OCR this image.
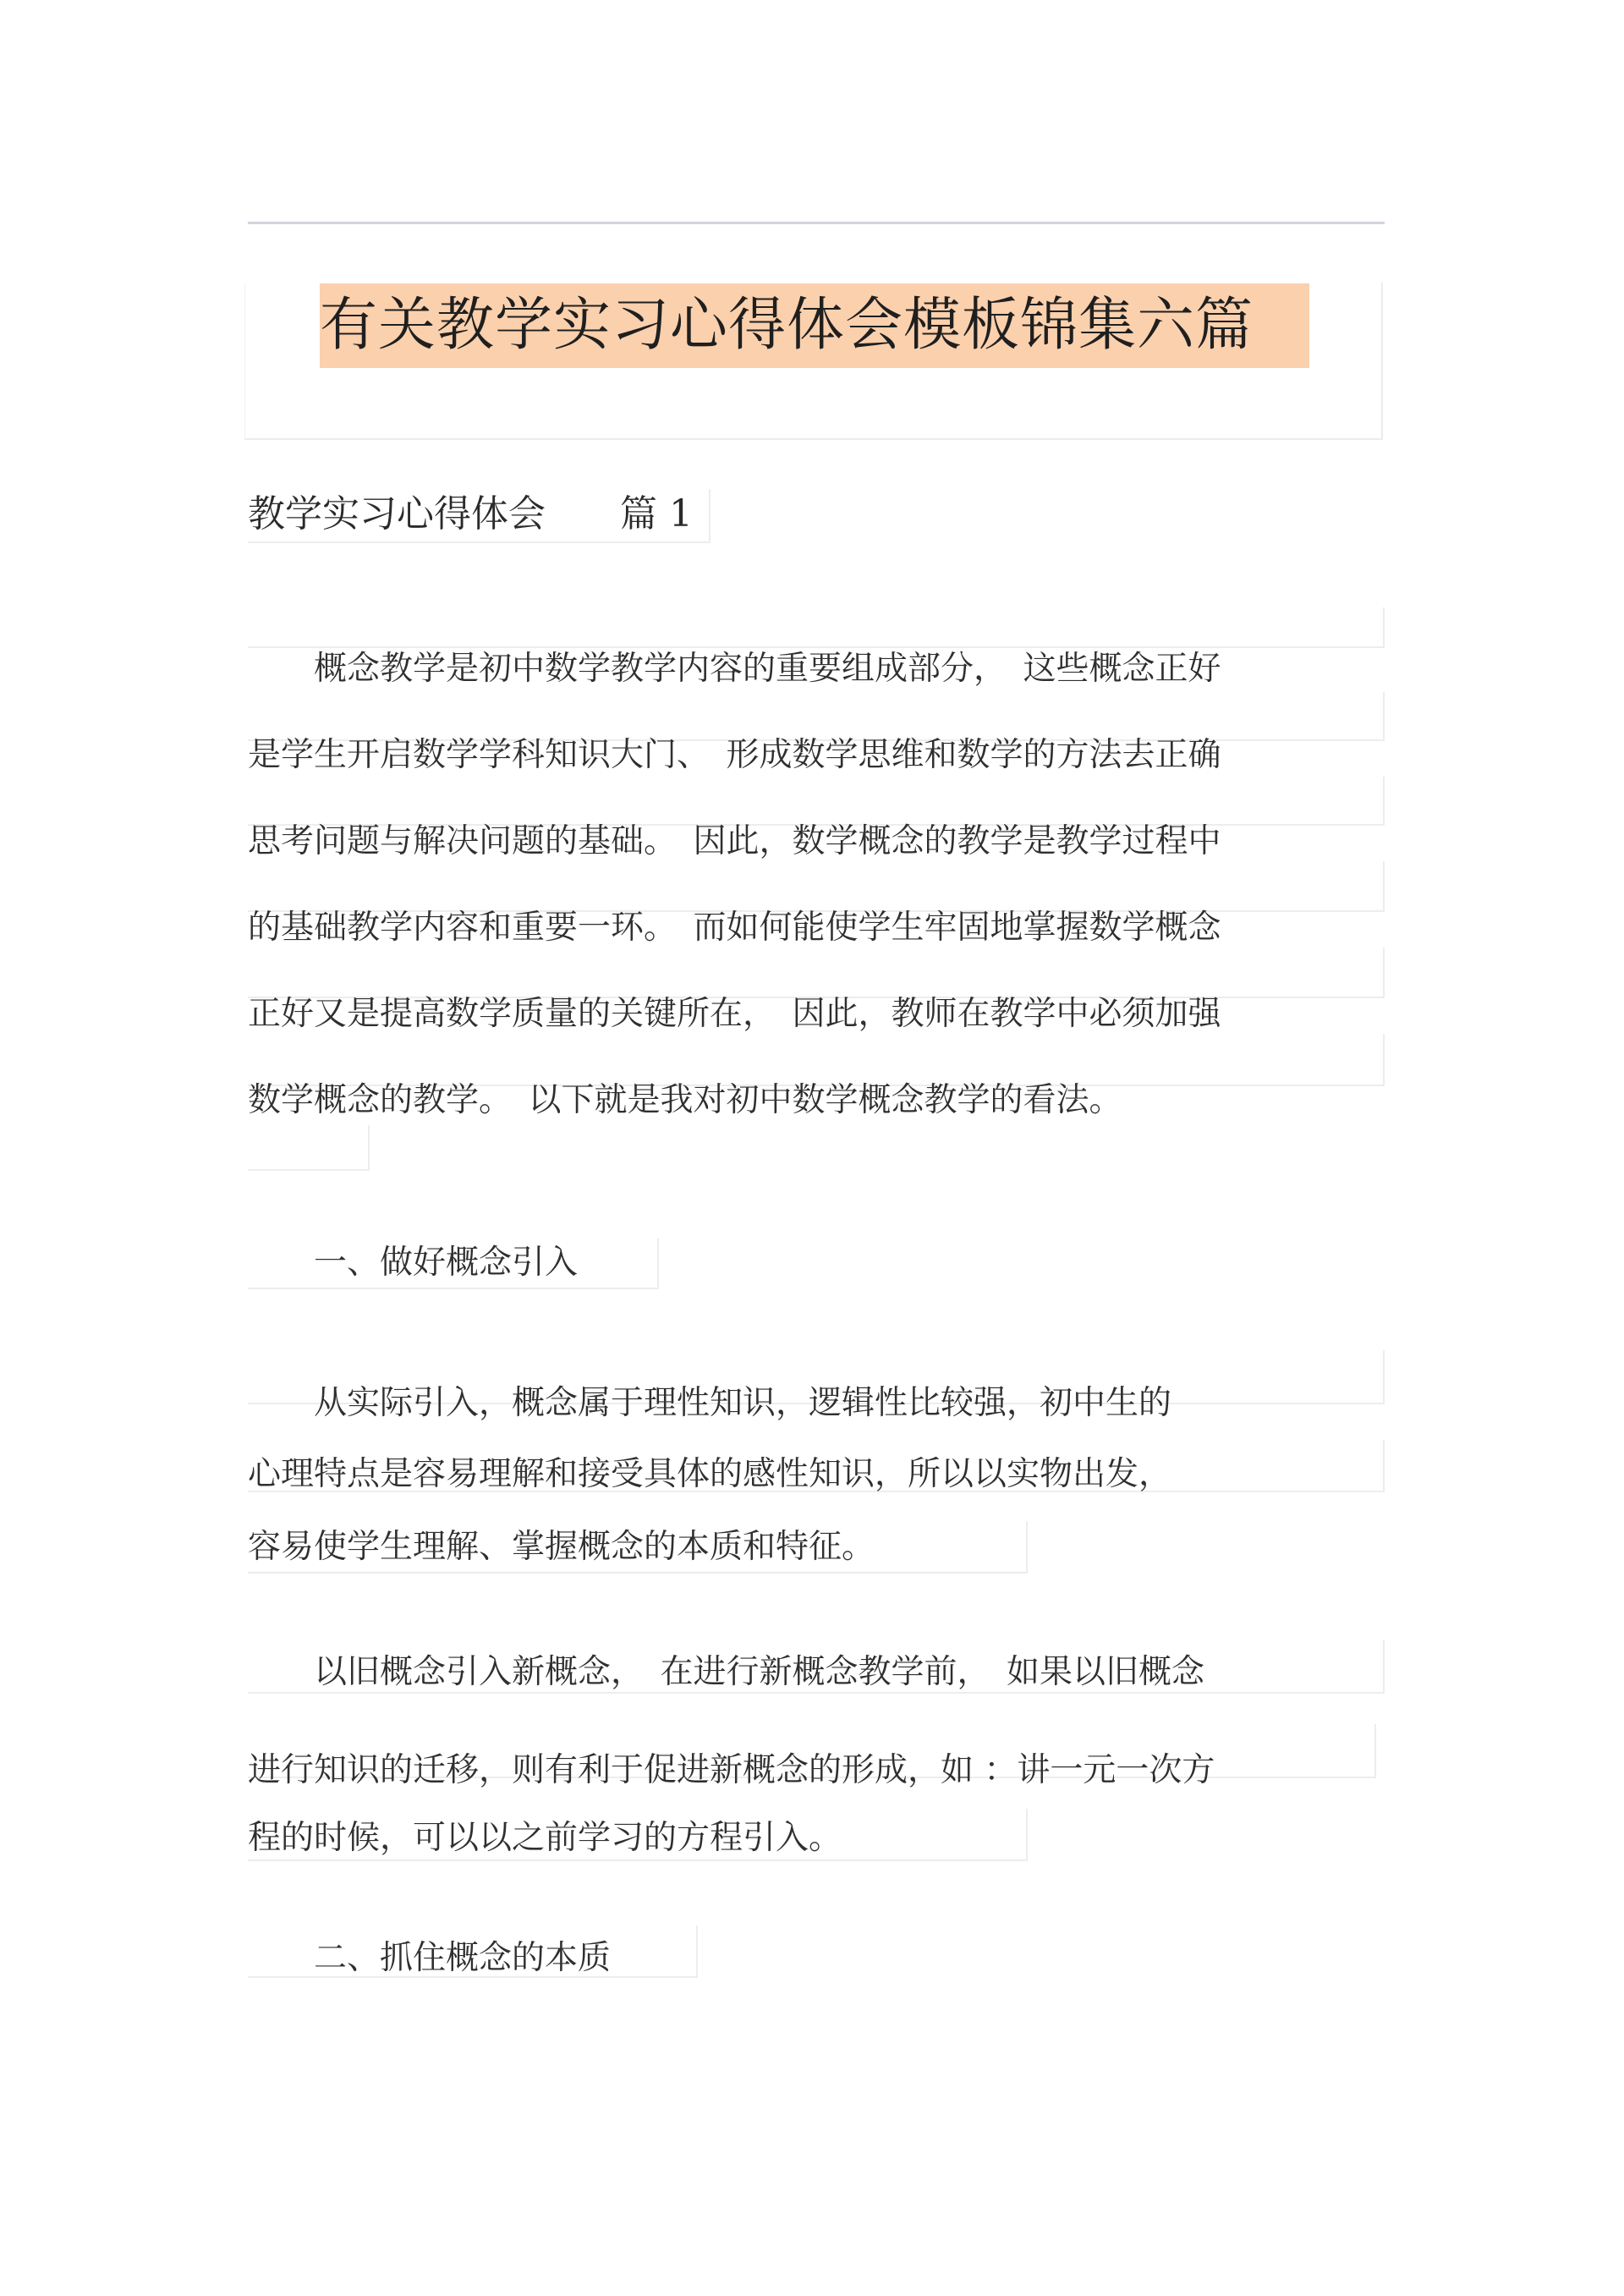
有关教学实习心得体会模板锦集六篇
教学实习心得体会　　篇 1
　　概念教学是初中数学教学内容的重要组成部分，　这些概念正好
是学生开启数学学科知识大门、　形成数学思维和数学的方法去正确
思考问题与解决问题的基础。　因此，数学概念的教学是教学过程中
的基础教学内容和重要一环。　而如何能使学生牢固地掌握数学概念
正好又是提高数学质量的关键所在，　因此，教师在教学中必须加强
数学概念的教学。　以下就是我对初中数学概念教学的看法。
　　一、做好概念引入
　　从实际引入，概念属于理性知识，逻辑性比较强，初中生的
心理特点是容易理解和接受具体的感性知识，所以以实物出发，
容易使学生理解、掌握概念的本质和特征。
　　以旧概念引入新概念，　在进行新概念教学前，　如果以旧概念
进行知识的迁移，则有利于促进新概念的形成，如 ：讲一元一次方
程的时候，可以以之前学习的方程引入。
　　二、抓住概念的本质
